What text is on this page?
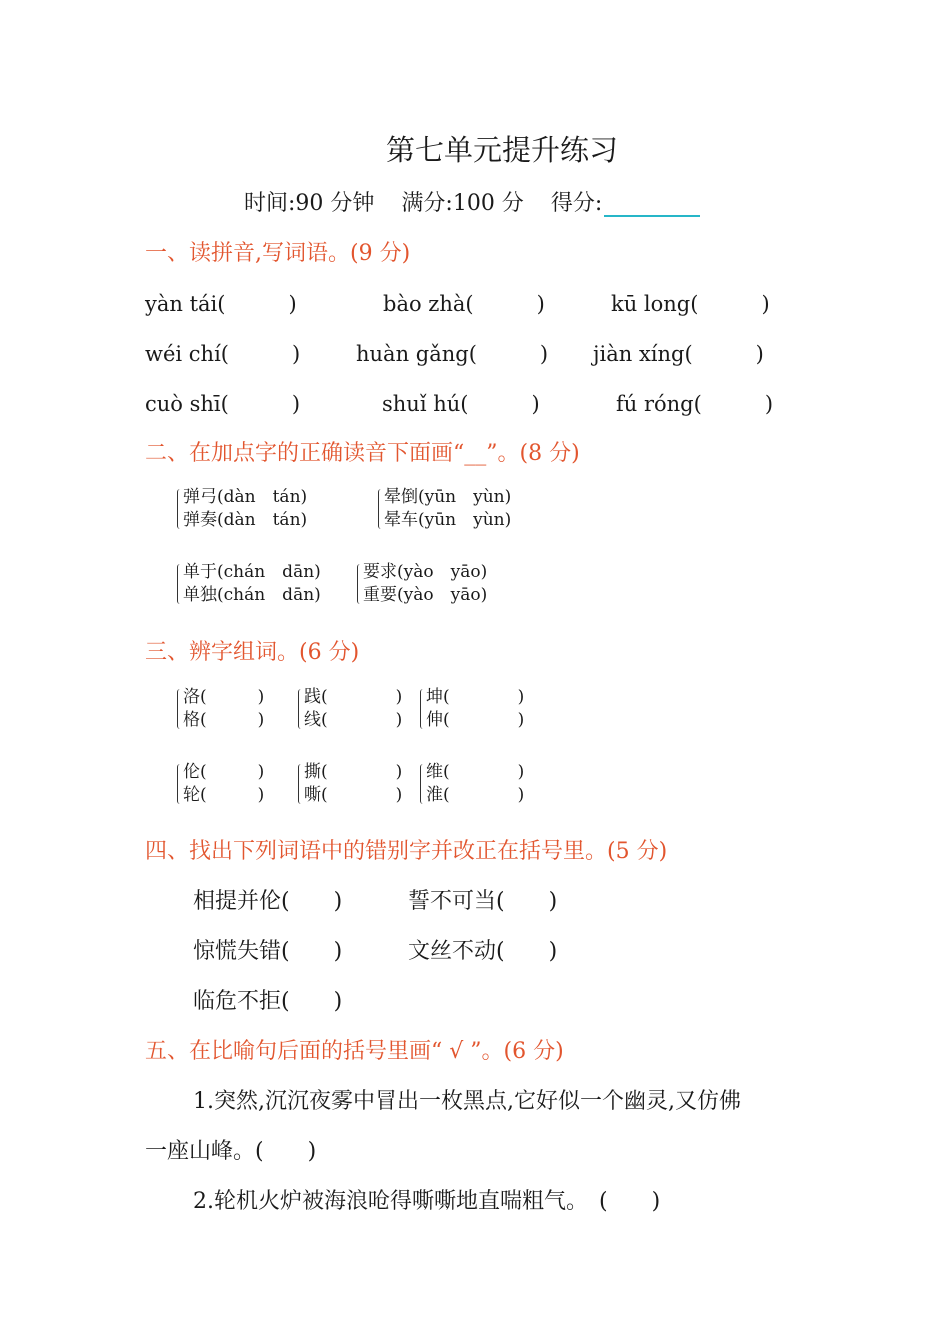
第七单元提升练习
时间:90 分钟 满分:100 分 得分:
一、读拼音,写词语。(9 分)
yàn tái(　　　)	bào zhà(　　　)	kū long(　　　)
wéi chí(　　　)	huàn gǎng(　　　) jiàn xíng(　　　)
cuò shī(　　　)	shuǐ hú(　　　)	fú róng(　　　)
二、在加点字的正确读音下面画“__”。(8 分)
弹弓(dàn　tán)
弹奏(dàn　tán)
晕倒(yūn　yùn)
晕车(yūn　yùn)
单于(chán　dān)
单独(chán　dān)
要求(yào　yāo)
重要(yào　yāo)
三、辨字组词。(6 分)
洛(　　　)
格(　　　)
践(　　　　)
线(　　　　)
坤(　　　　)
伸(　　　　)
伦(　　　)
轮(　　　)
撕(　　　　)
嘶(　　　　)
维(　　　　)
淮(　　　　)
四、找出下列词语中的错别字并改正在括号里。(5 分)
相提并伦(　　)	誓不可当(　　)
惊慌失错(　　)	文丝不动(　　)
临危不拒(　　)
五、在比喻句后面的括号里画“ √ ”。(6 分)
1.突然,沉沉夜雾中冒出一枚黑点,它好似一个幽灵,又仿佛
一座山峰。(　　)
2.轮机火炉被海浪呛得嘶嘶地直喘粗气。　(　　)
